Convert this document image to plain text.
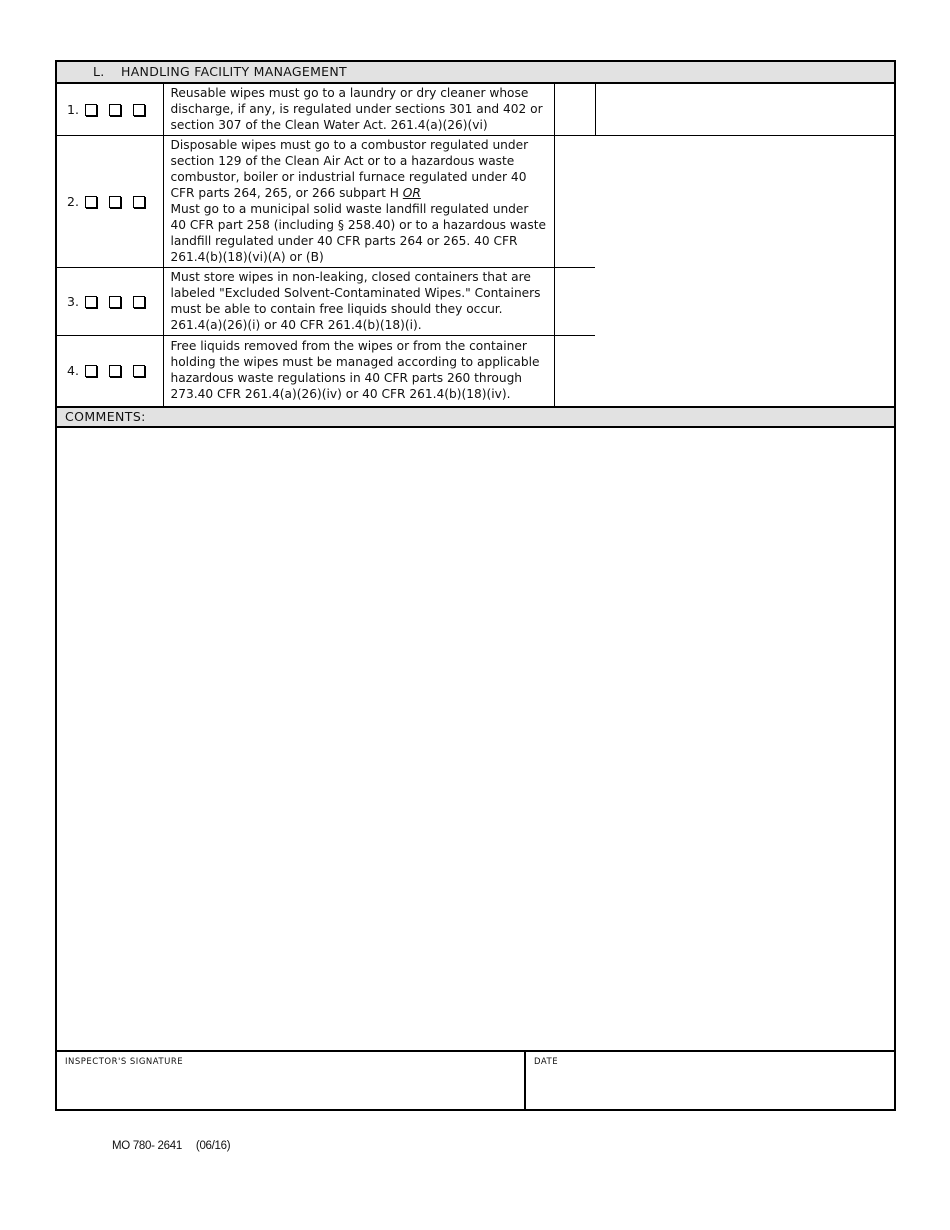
L. HANDLING FACILITY MANAGEMENT
1.	Reusable wipes must go to a laundry or dry cleaner whose discharge, if any, is regulated under sections 301 and 402 or section 307 of the Clean Water Act. 261.4(a)(26)(vi)		

2.	Disposable wipes must go to a combustor regulated under section 129 of the Clean Air Act or to a hazardous waste combustor, boiler or industrial furnace regulated under 40 CFR parts 264, 265, or 266 subpart H OR
Must go to a municipal solid waste landfill regulated under 40 CFR part 258 (including § 258.40) or to a hazardous waste landfill regulated under 40 CFR parts 264 or 265. 40 CFR 261.4(b)(18)(vi)(A) or (B)		

3.	Must store wipes in non-leaking, closed containers that are labeled "Excluded Solvent-Contaminated Wipes." Containers must be able to contain free liquids should they occur. 261.4(a)(26)(i) or 40 CFR 261.4(b)(18)(i).		

4.	Free liquids removed from the wipes or from the container holding the wipes must be managed according to applicable hazardous waste regulations in 40 CFR parts 260 through 273.40 CFR 261.4(a)(26)(iv) or 40 CFR 261.4(b)(18)(iv).		
COMMENTS:
INSPECTOR'S SIGNATURE	DATE
MO 780- 2641 (06/16)
